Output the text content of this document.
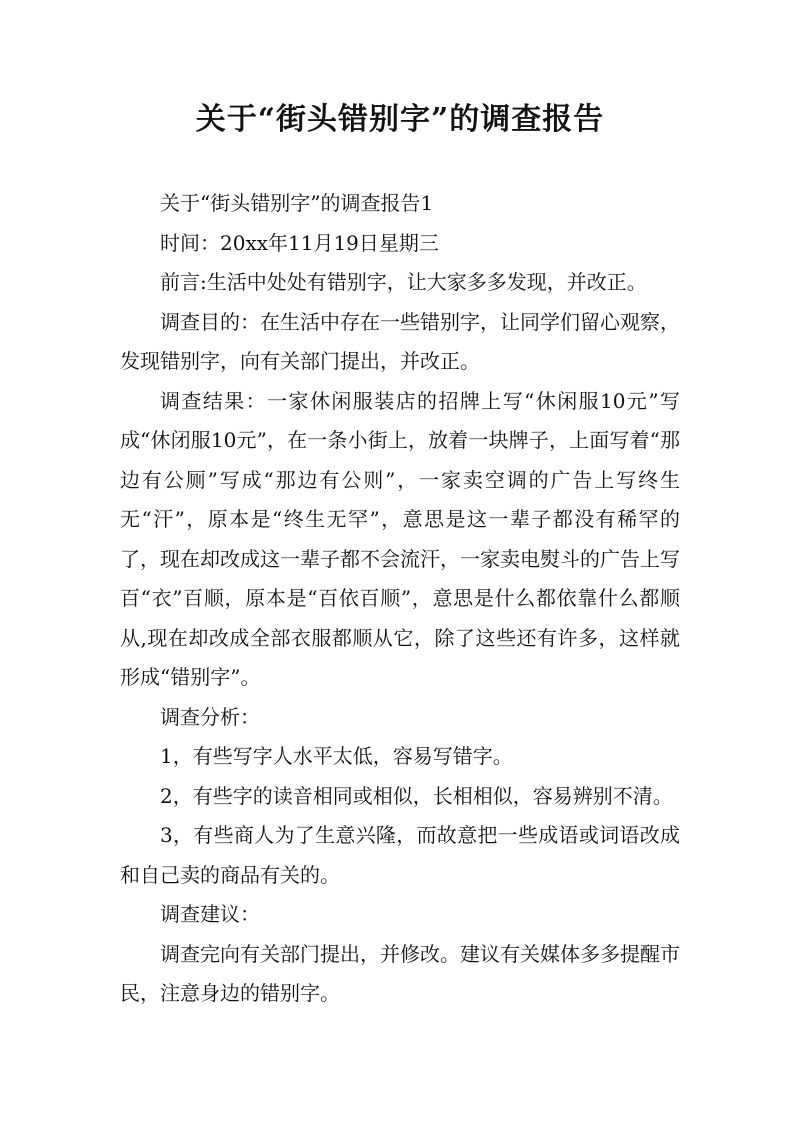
关于“街头错别字”的调查报告

关于“街头错别字”的调查报告1

时间：20xx年11月19日星期三

前言:生活中处处有错别字，让大家多多发现，并改正。

调查目的：在生活中存在一些错别字，让同学们留心观察，发现错别字，向有关部门提出，并改正。

调查结果：一家休闲服装店的招牌上写“休闲服10元”写成“休闭服10元”，在一条小街上，放着一块牌子，上面写着“那边有公厕”写成“那边有公则”，一家卖空调的广告上写终生无“汗”，原本是“终生无罕”，意思是这一辈子都没有稀罕的了，现在却改成这一辈子都不会流汗，一家卖电熨斗的广告上写百“衣”百顺，原本是“百依百顺”，意思是什么都依靠什么都顺从,现在却改成全部衣服都顺从它，除了这些还有许多，这样就形成“错别字”。

调查分析：

1，有些写字人水平太低，容易写错字。

2，有些字的读音相同或相似，长相相似，容易辨别不清。

3，有些商人为了生意兴隆，而故意把一些成语或词语改成和自己卖的商品有关的。

调查建议：

调查完向有关部门提出，并修改。建议有关媒体多多提醒市民，注意身边的错别字。
